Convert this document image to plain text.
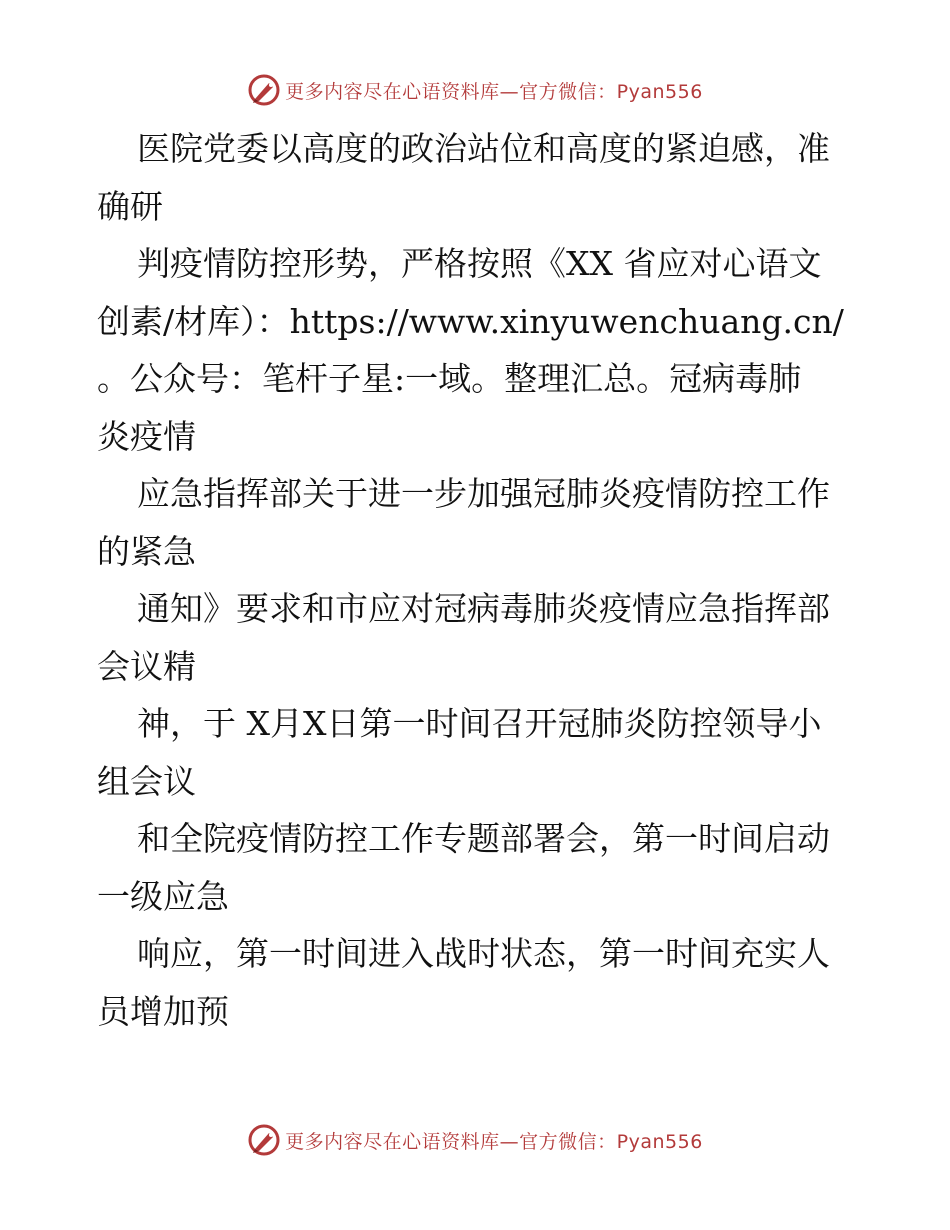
更多内容尽在心语资料库—官方微信：Pyan556
医院党委以高度的政治站位和高度的紧迫感，准
确研
判疫情防控形势，严格按照《XX 省应对心语文
创素/材库）：https://www.xinyuwenchuang.cn/
。公众号：笔杆子星:一域。整理汇总。冠病毒肺
炎疫情
应急指挥部关于进一步加强冠肺炎疫情防控工作
的紧急
通知》要求和市应对冠病毒肺炎疫情应急指挥部
会议精
神，于 X月X日第一时间召开冠肺炎防控领导小
组会议
和全院疫情防控工作专题部署会，第一时间启动
一级应急
响应，第一时间进入战时状态，第一时间充实人
员增加预
更多内容尽在心语资料库—官方微信：Pyan556
